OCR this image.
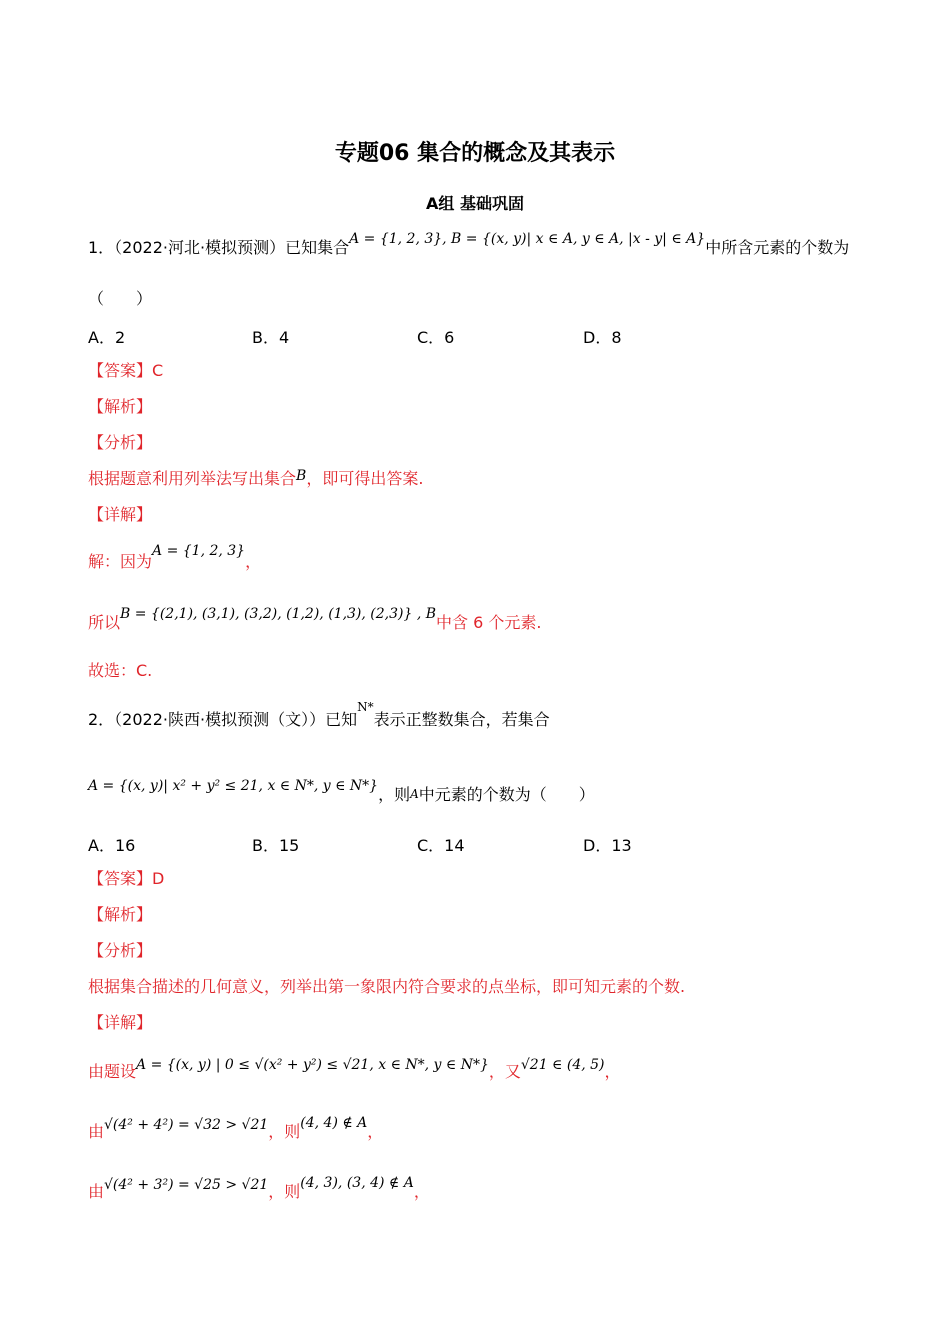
专题06 集合的概念及其表示
A组 基础巩固
1．（2022·河北·模拟预测）已知集合A = {1, 2, 3}, B = {(x, y)| x ∈ A, y ∈ A, |x - y| ∈ A}中所含元素的个数为
（　　）
A．2	B．4	C．6	D．8
【答案】C
【解析】
【分析】
根据题意利用列举法写出集合B，即可得出答案.
【详解】
解：因为A = {1, 2, 3}，
所以B = {(2,1), (3,1), (3,2), (1,2), (1,3), (2,3)} , B中含 6 个元素.
故选：C.
2．（2022·陕西·模拟预测（文））已知$^{N*}$表示正整数集合，若集合
A = {(x, y)| x² + y² ≤ 21, x ∈ N*, y ∈ N*}，则A中元素的个数为（　　）
A．16	B．15	C．14	D．13
【答案】D
【解析】
【分析】
根据集合描述的几何意义，列举出第一象限内符合要求的点坐标，即可知元素的个数.
【详解】
由题设A = {(x, y) | 0 ≤ √(x² + y²) ≤ √21, x ∈ N*, y ∈ N*}，又√21 ∈ (4, 5)，
由√(4² + 4²) = √32 > √21，则(4, 4) ∉ A，
由√(4² + 3²) = √25 > √21，则(4, 3), (3, 4) ∉ A，
